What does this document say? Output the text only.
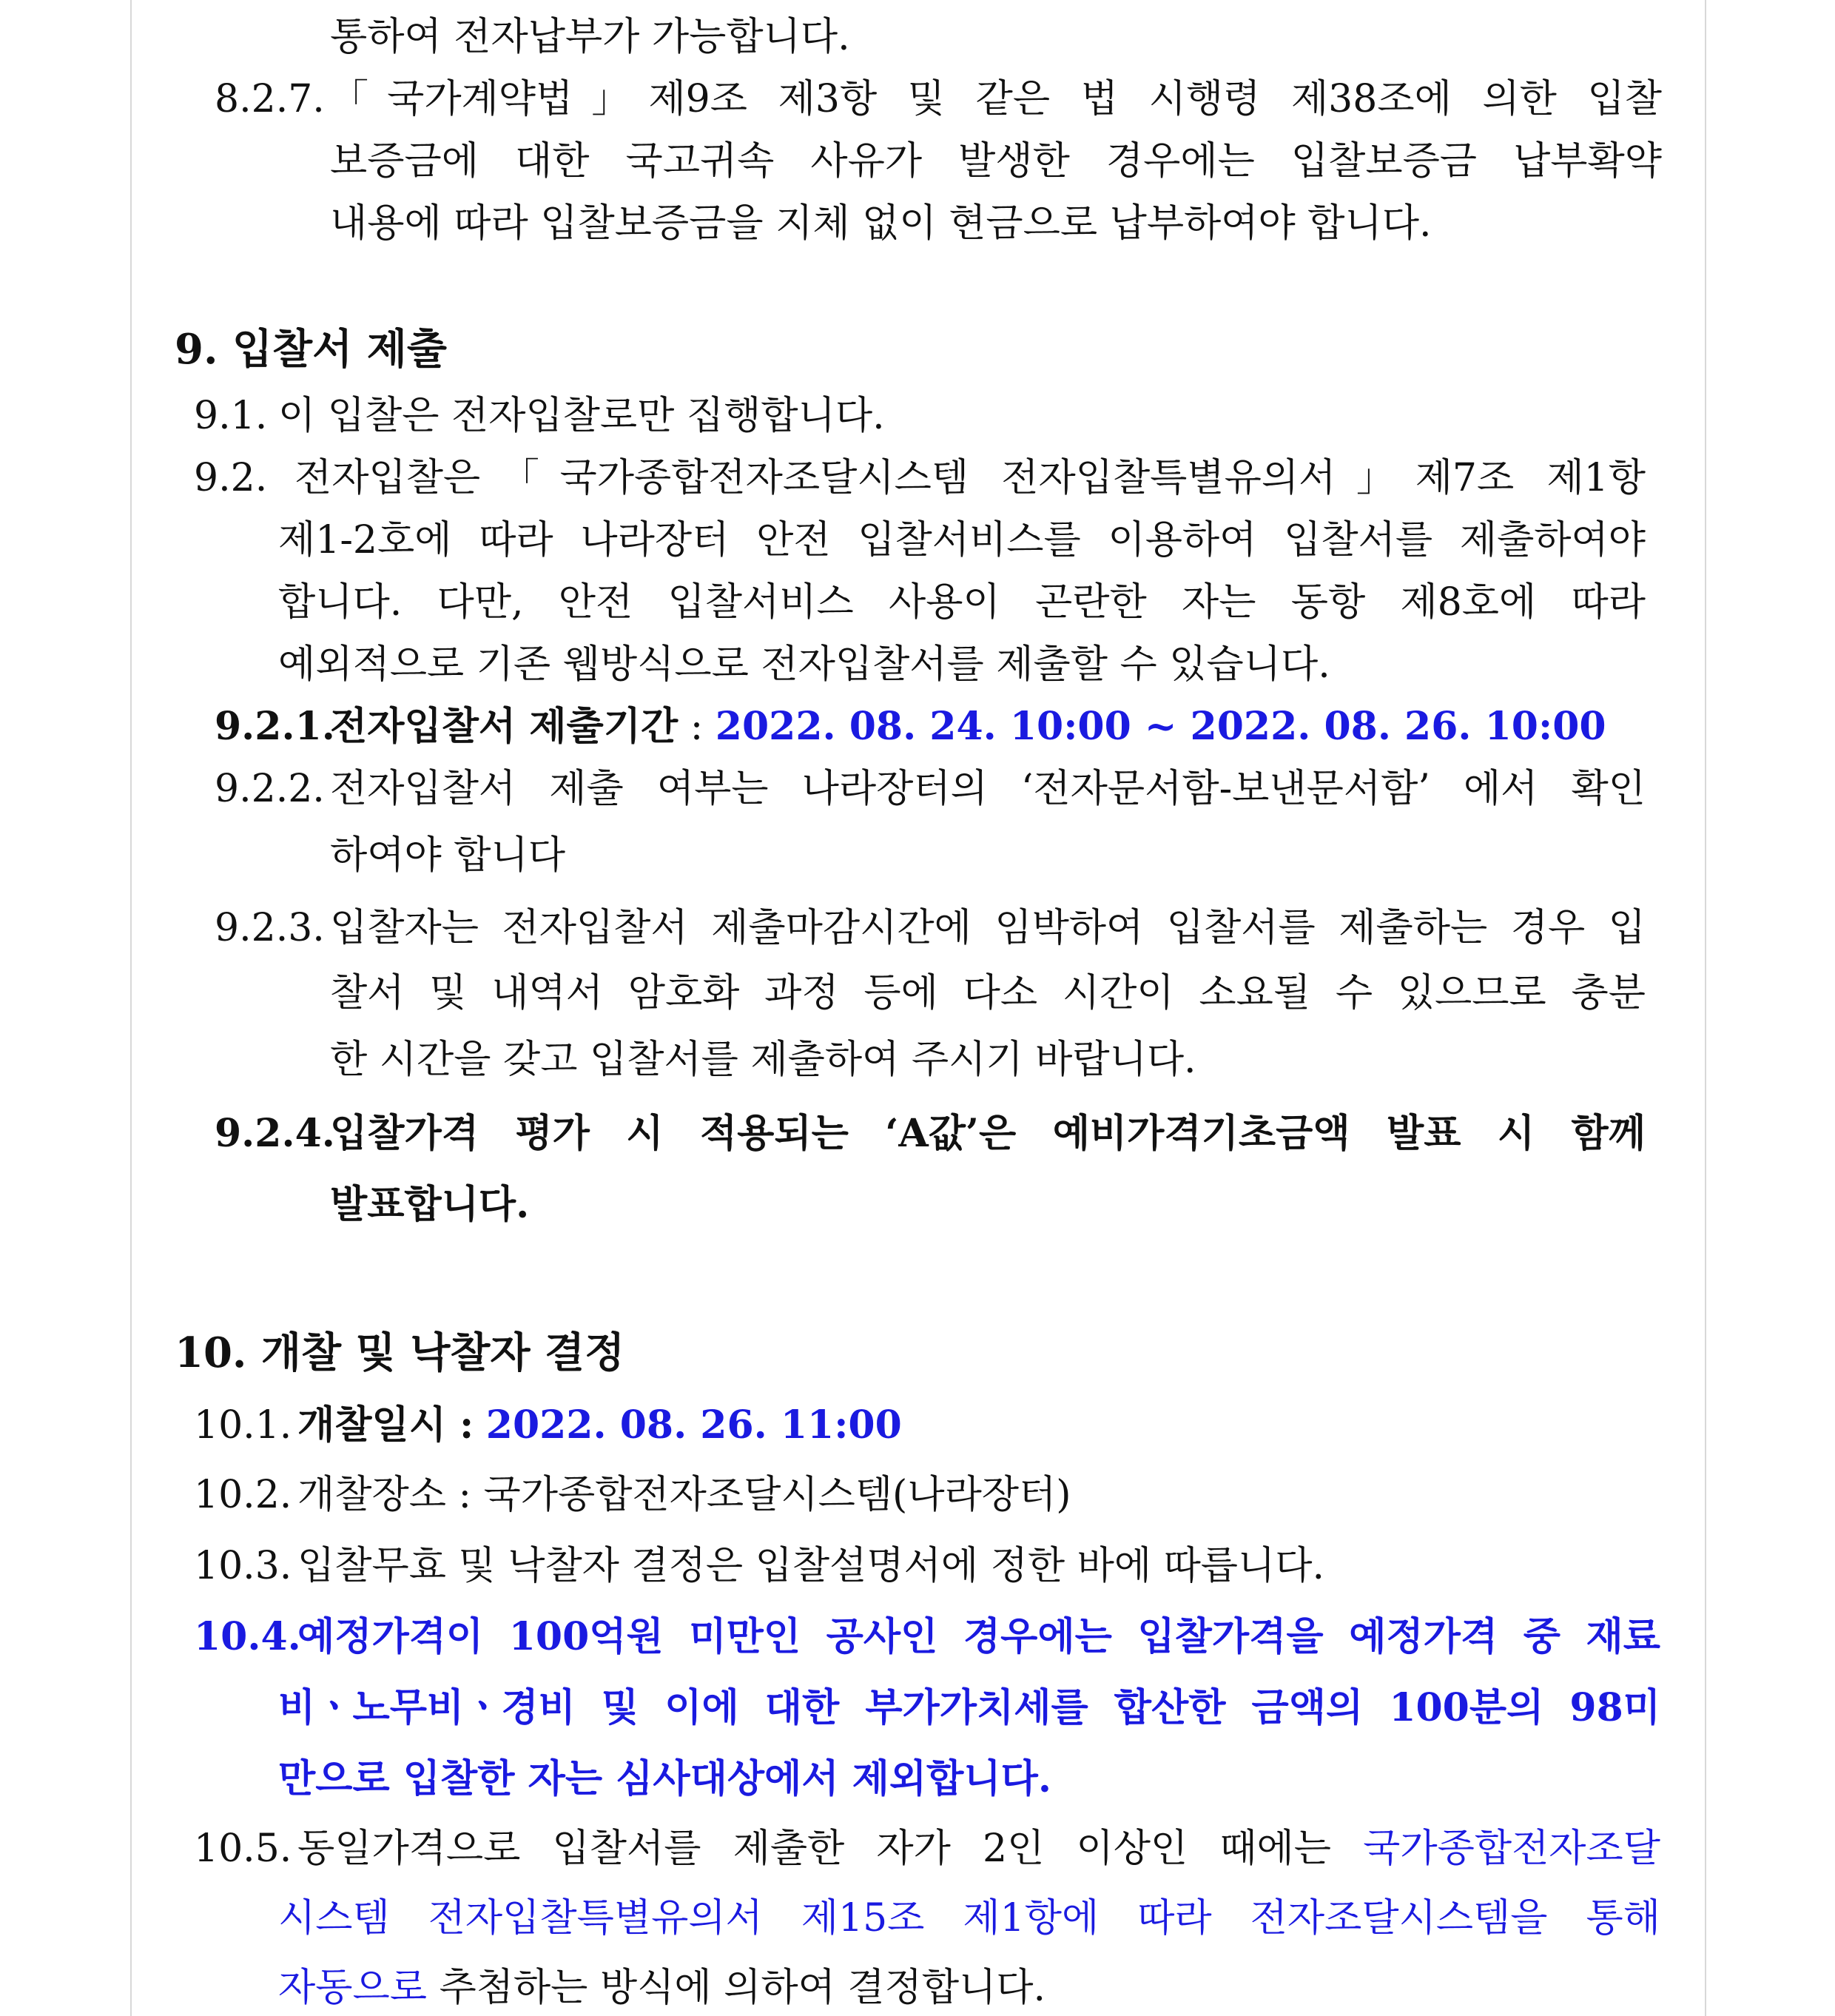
통하여 전자납부가 가능합니다.
8.2.7. 「국가계약법」제9조 제3항 및 같은 법 시행령 제38조에 의한 입찰
보증금에 대한 국고귀속 사유가 발생한 경우에는 입찰보증금 납부확약
내용에 따라 입찰보증금을 지체 없이 현금으로 납부하여야 합니다.
9. 입찰서 제출
9.1. 이 입찰은 전자입찰로만 집행합니다.
9.2. 전자입찰은「국가종합전자조달시스템 전자입찰특별유의서」제7조 제1항
제1-2호에 따라 나라장터 안전 입찰서비스를 이용하여 입찰서를 제출하여야
합니다. 다만, 안전 입찰서비스 사용이 곤란한 자는 동항 제8호에 따라
예외적으로 기존 웹방식으로 전자입찰서를 제출할 수 있습니다.
9.2.1.
전자입찰서 제출기간 : 2022. 08. 24. 10:00 ~ 2022. 08. 26. 10:00
9.2.2. 전자입찰서 제출 여부는 나라장터의 ‘전자문서함-보낸문서함’ 에서 확인
하여야 합니다
9.2.3. 입찰자는 전자입찰서 제출마감시간에 임박하여 입찰서를 제출하는 경우 입
찰서 및 내역서 암호화 과정 등에 다소 시간이 소요될 수 있으므로 충분
한 시간을 갖고 입찰서를 제출하여 주시기 바랍니다.
9.2.4.
입찰가격 평가 시 적용되는 ‘A값’은 예비가격기초금액 발표 시 함께
발표합니다.
10. 개찰 및 낙찰자 결정
10.1. 개찰일시 : 2022. 08. 26. 11:00
10.2. 개찰장소 : 국가종합전자조달시스템(나라장터)
10.3. 입찰무효 및 낙찰자 결정은 입찰설명서에 정한 바에 따릅니다.
10.4.
예정가격이 100억원 미만인 공사인 경우에는 입찰가격을 예정가격 중 재료
비ㆍ노무비ㆍ경비 및 이에 대한 부가가치세를 합산한 금액의 100분의 98미
만으로 입찰한 자는 심사대상에서 제외합니다.
10.5. 동일가격으로 입찰서를 제출한 자가 2인 이상인 때에는 국가종합전자조달
시스템 전자입찰특별유의서 제15조 제1항에 따라 전자조달시스템을 통해
자동으로 추첨하는 방식에 의하여 결정합니다.
